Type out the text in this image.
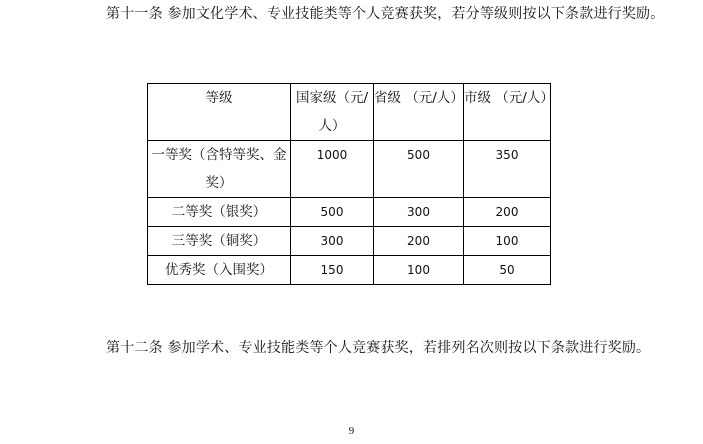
第十一条 参加文化学术、专业技能类等个人竞赛获奖，若分等级则按以下条款进行奖励。

等级	国家级（元/人）	省级 （元/人）	市级 （元/人）
一等奖（含特等奖、金奖）	1000	500	350
二等奖（银奖）	500	300	200
三等奖（铜奖）	300	200	100
优秀奖（入围奖）	150	100	50

第十二条 参加学术、专业技能类等个人竞赛获奖，若排列名次则按以下条款进行奖励。

9
